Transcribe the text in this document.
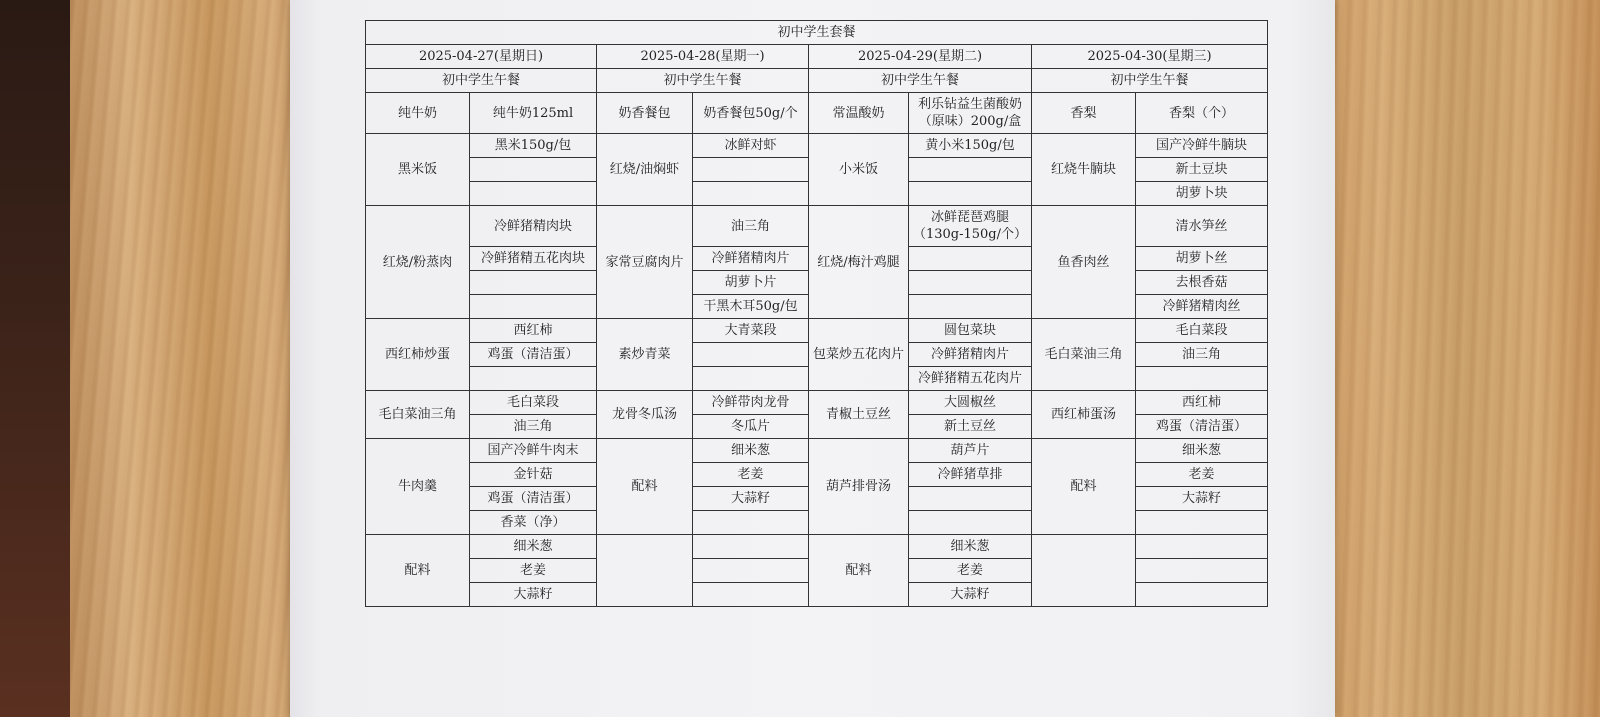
初中学生套餐							
2025-04-27(星期日)		2025-04-28(星期一)		2025-04-29(星期二)		2025-04-30(星期三)	
初中学生午餐		初中学生午餐		初中学生午餐		初中学生午餐	
纯牛奶	纯牛奶125ml	奶香餐包	奶香餐包50g/个	常温酸奶	利乐钻益生菌酸奶（原味）200g/盒	香梨	香梨（个）
黑米饭	黑米150g/包	红烧/油焖虾	冰鲜对虾	小米饭	黄小米150g/包	红烧牛腩块	国产冷鲜牛腩块
							新土豆块
							胡萝卜块
红烧/粉蒸肉	冷鲜猪精肉块	家常豆腐肉片	油三角	红烧/梅汁鸡腿	冰鲜琵琶鸡腿（130g-150g/个）	鱼香肉丝	清水笋丝
	冷鲜猪精五花肉块		冷鲜猪精肉片				胡萝卜丝
			胡萝卜片				去根香菇
			干黑木耳50g/包				冷鲜猪精肉丝
西红柿炒蛋	西红柿	素炒青菜	大青菜段	包菜炒五花肉片	圆包菜块	毛白菜油三角	毛白菜段
	鸡蛋（清洁蛋）				冷鲜猪精肉片		油三角
					冷鲜猪精五花肉片		
毛白菜油三角	毛白菜段	龙骨冬瓜汤	冷鲜带肉龙骨	青椒土豆丝	大圆椒丝	西红柿蛋汤	西红柿
	油三角		冬瓜片		新土豆丝		鸡蛋（清洁蛋）
牛肉羹	国产冷鲜牛肉末	配料	细米葱	葫芦排骨汤	葫芦片	配料	细米葱
	金针菇		老姜		冷鲜猪草排		老姜
	鸡蛋（清洁蛋）		大蒜籽				大蒜籽
	香菜（净）						
配料	细米葱			配料	细米葱		
	老姜				老姜		
	大蒜籽				大蒜籽		
